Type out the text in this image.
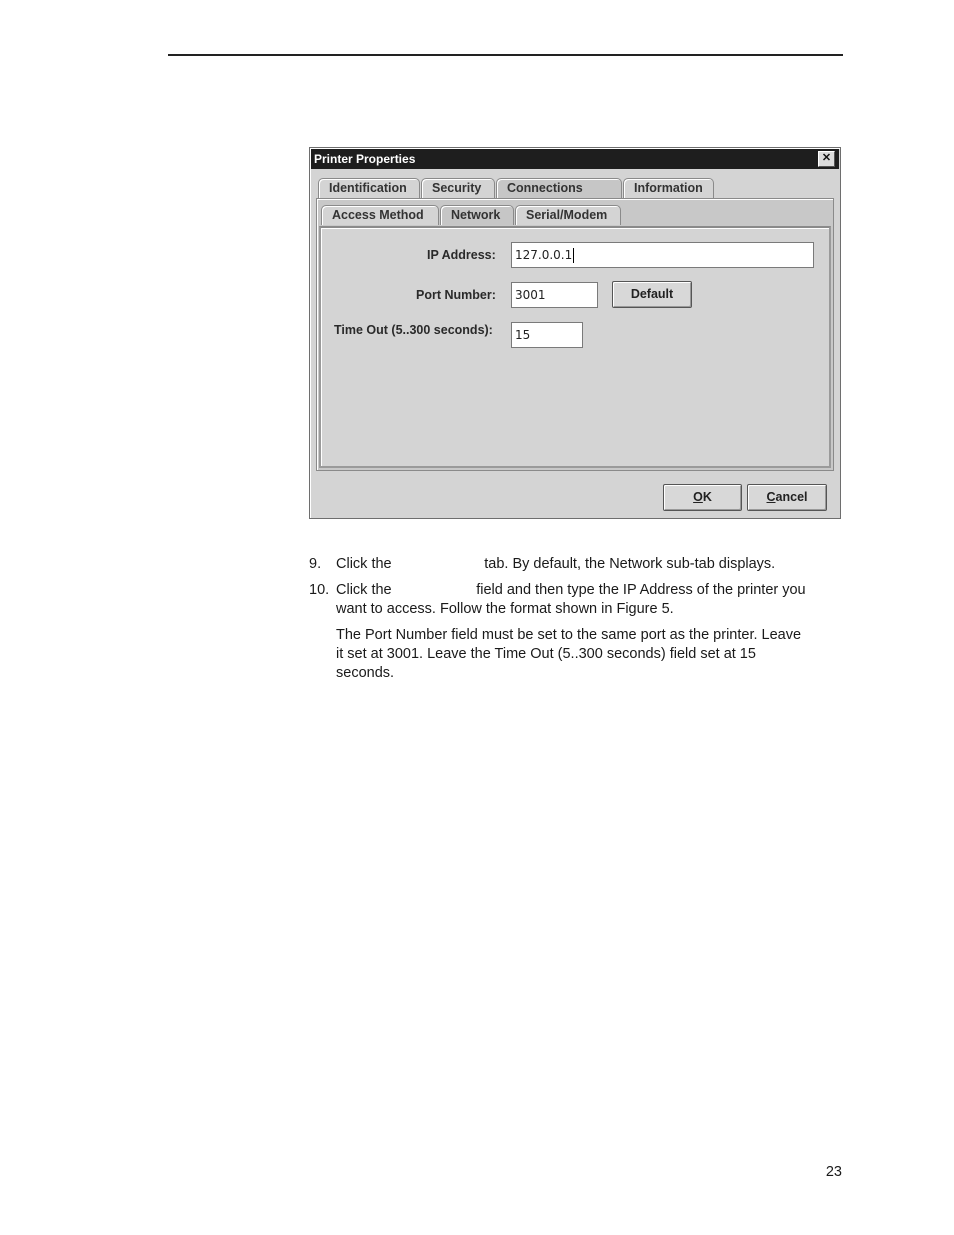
Printer Properties	✕
Identification	Security	Connections	Information
IP Address:	127.0.0.1
Port Number:	3001	Default
Time Out (5..300 seconds):	15
Access Method	Network	Serial/Modem
OK	Cancel
9. Click the                       tab. By default, the Network sub-tab displays.
10. Click the                     field and then type the IP Address of the printer you
want to access. Follow the format shown in Figure 5.
The Port Number field must be set to the same port as the printer. Leave
it set at 3001. Leave the Time Out (5..300 seconds) field set at 15
seconds.
23
